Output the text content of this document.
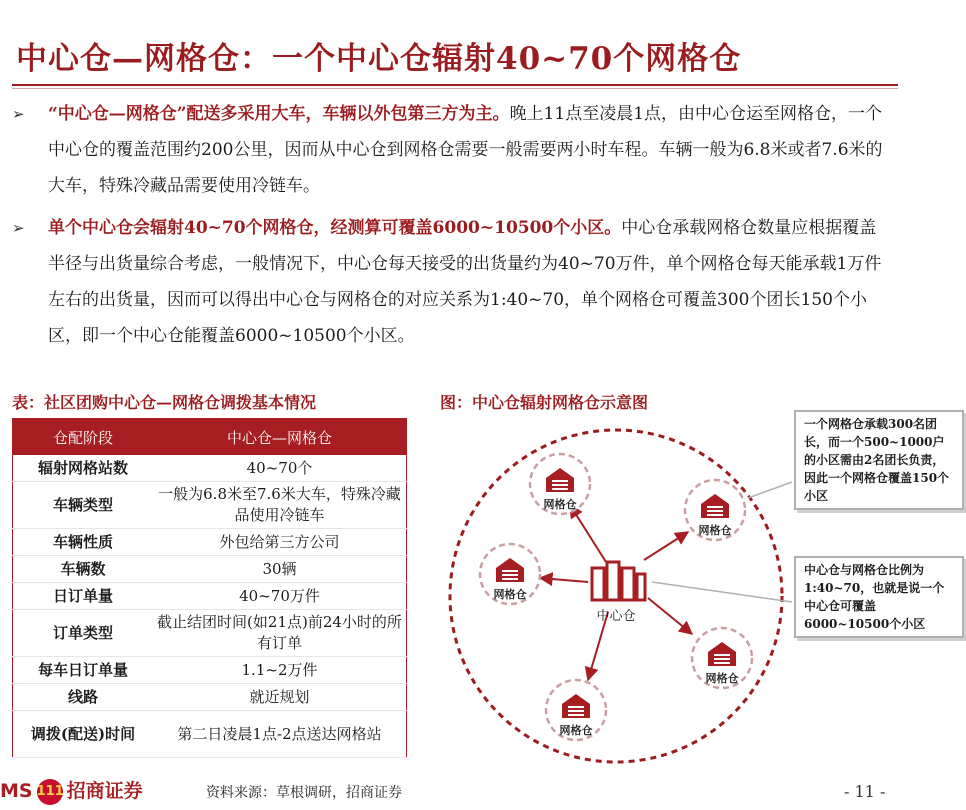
中心仓—网格仓：一个中心仓辐射40~70个网格仓
➢	“中心仓—网格仓”配送多采用大车，车辆以外包第三方为主。晚上11点至凌晨1点，由中心仓运至网格仓，一个中心仓的覆盖范围约200公里，因而从中心仓到网格仓需要一般需要两小时车程。车辆一般为6.8米或者7.6米的大车，特殊冷藏品需要使用冷链车。
➢	单个中心仓会辐射40~70个网格仓，经测算可覆盖6000~10500个小区。中心仓承载网格仓数量应根据覆盖半径与出货量综合考虑，一般情况下，中心仓每天接受的出货量约为40~70万件，单个网格仓每天能承载1万件左右的出货量，因而可以得出中心仓与网格仓的对应关系为1:40~70，单个网格仓可覆盖300个团长150个小区，即一个中心仓能覆盖6000~10500个小区。
表：社区团购中心仓—网格仓调拨基本情况	图：中心仓辐射网格仓示意图
仓配阶段	中心仓—网格仓
辐射网格站数	40~70个
车辆类型	一般为6.8米至7.6米大车，特殊冷藏品使用冷链车
车辆性质	外包给第三方公司
车辆数	30辆
日订单量	40~70万件
订单类型	截止结团时间(如21点)前24小时的所有订单
每车日订单量	1.1~2万件
线路	就近规划
调拨(配送)时间	第二日凌晨1点-2点送达网格站
中心仓
网格仓
网格仓
网格仓
网格仓
网格仓
一个网格仓承载300名团长，而一个500~1000户的小区需由2名团长负责，因此一个网格仓覆盖150个小区
中心仓与网格仓比例为1:40~70，也就是说一个中心仓可覆盖6000~10500个小区
MS 111 招商证券	资料来源：草根调研，招商证券	- 11 -
